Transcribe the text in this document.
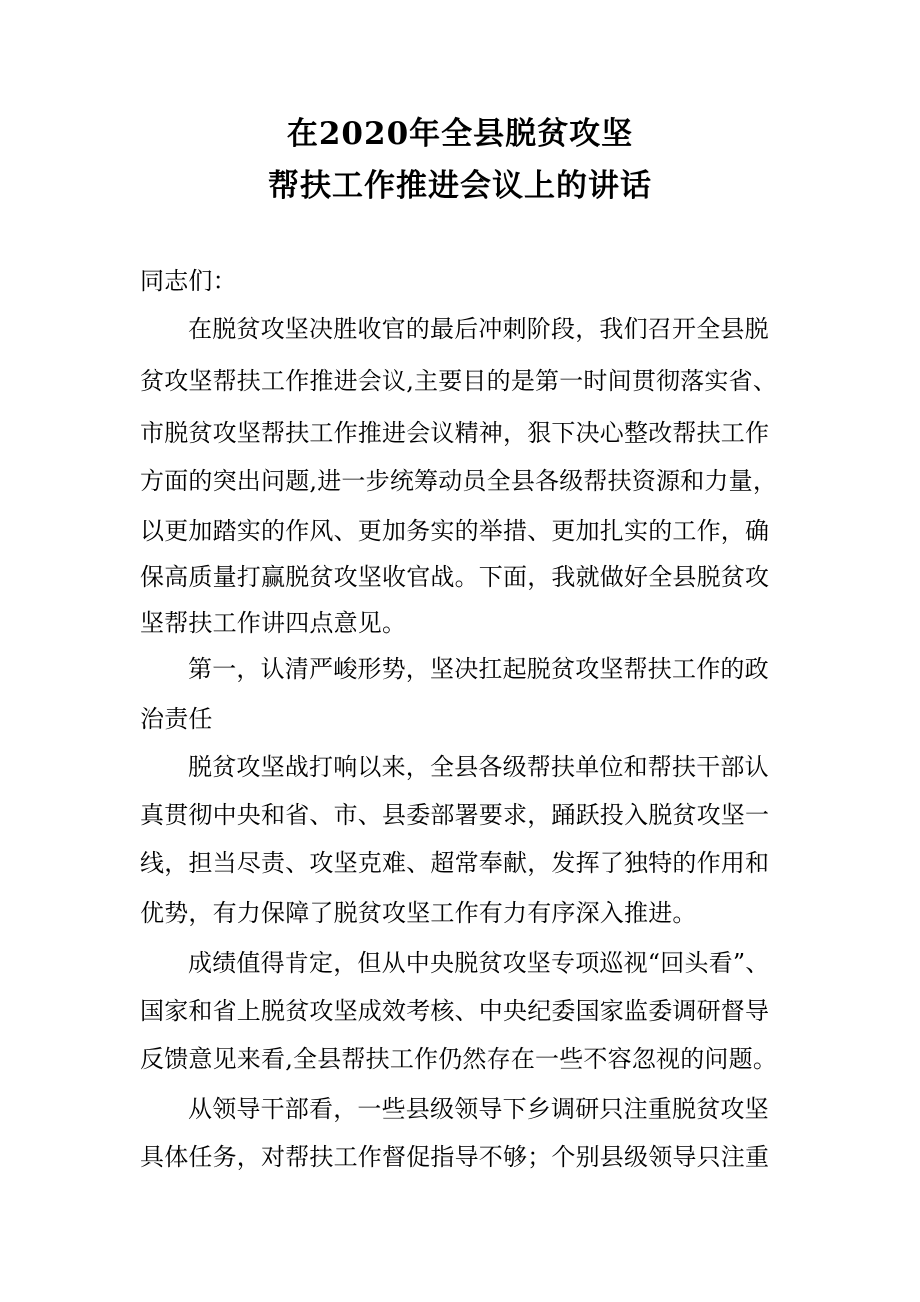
在2020年全县脱贫攻坚
帮扶工作推进会议上的讲话
同志们：
在脱贫攻坚决胜收官的最后冲刺阶段，我们召开全县脱
贫攻坚帮扶工作推进会议,主要目的是第一时间贯彻落实省、
市脱贫攻坚帮扶工作推进会议精神，狠下决心整改帮扶工作
方面的突出问题,进一步统筹动员全县各级帮扶资源和力量，
以更加踏实的作风、更加务实的举措、更加扎实的工作，确
保高质量打赢脱贫攻坚收官战。下面，我就做好全县脱贫攻
坚帮扶工作讲四点意见。
第一，认清严峻形势，坚决扛起脱贫攻坚帮扶工作的政
治责任
脱贫攻坚战打响以来，全县各级帮扶单位和帮扶干部认
真贯彻中央和省、市、县委部署要求，踊跃投入脱贫攻坚一
线，担当尽责、攻坚克难、超常奉献，发挥了独特的作用和
优势，有力保障了脱贫攻坚工作有力有序深入推进。
成绩值得肯定，但从中央脱贫攻坚专项巡视“回头看”、
国家和省上脱贫攻坚成效考核、中央纪委国家监委调研督导
反馈意见来看,全县帮扶工作仍然存在一些不容忽视的问题。
从领导干部看，一些县级领导下乡调研只注重脱贫攻坚
具体任务，对帮扶工作督促指导不够；个别县级领导只注重
